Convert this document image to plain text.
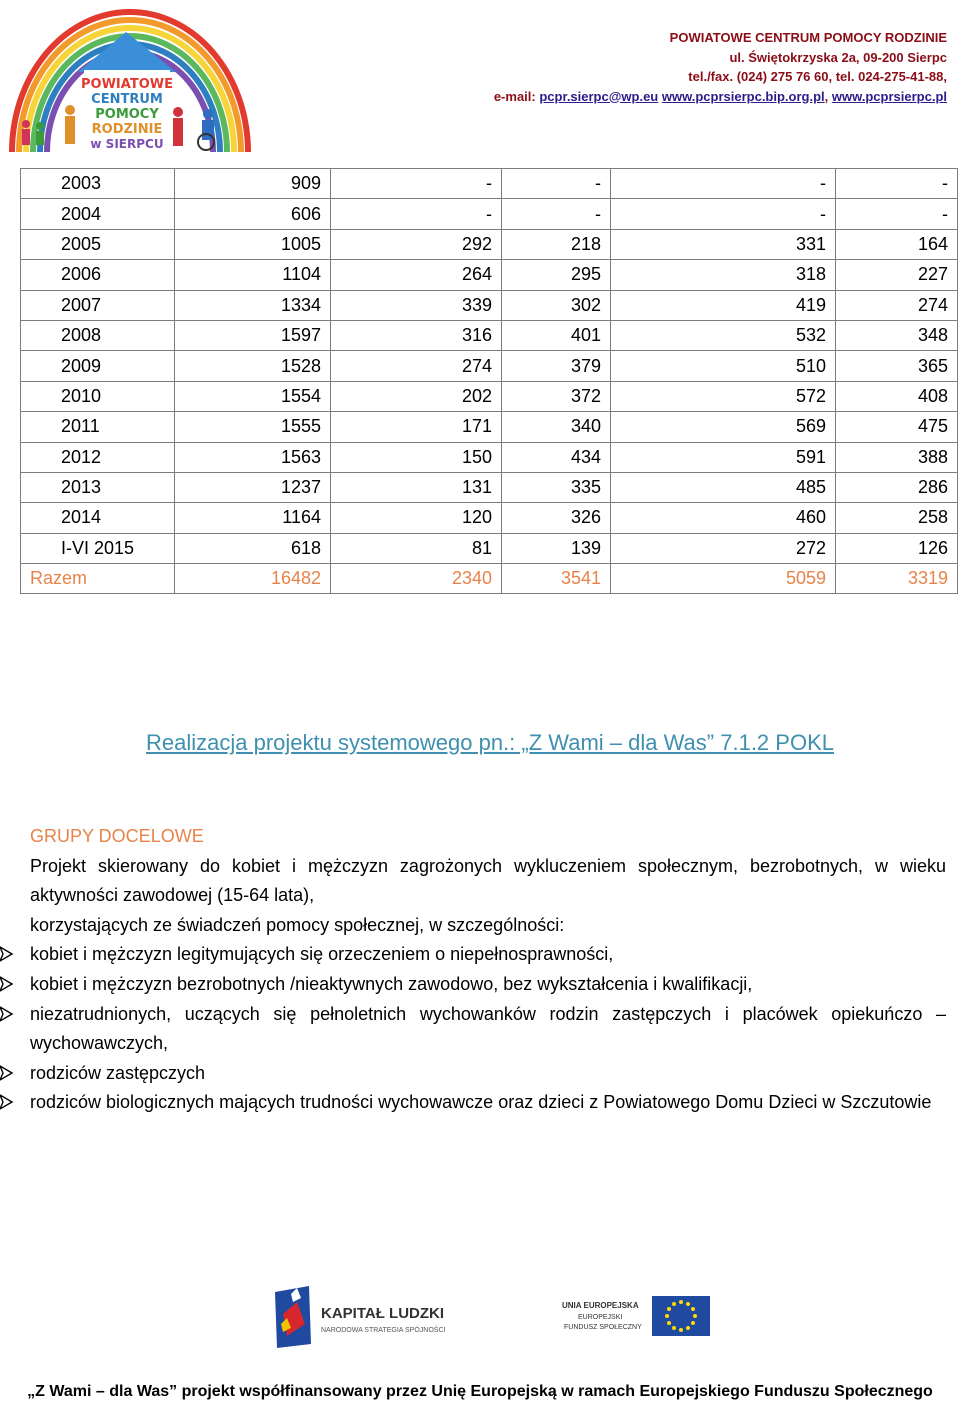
POWIATOWE
CENTRUM
POMOCY
RODZINIE
w SIERPCU
POWIATOWE CENTRUM POMOCY RODZINIE
ul. Świętokrzyska 2a, 09-200 Sierpc
tel./fax. (024) 275 76 60, tel. 024-275-41-88,
e-mail: pcpr.sierpc@wp.eu www.pcprsierpc.bip.org.pl, www.pcprsierpc.pl
2003	909	-	-	-	-
2004	606	-	-	-	-
2005	1005	292	218	331	164
2006	1104	264	295	318	227
2007	1334	339	302	419	274
2008	1597	316	401	532	348
2009	1528	274	379	510	365
2010	1554	202	372	572	408
2011	1555	171	340	569	475
2012	1563	150	434	591	388
2013	1237	131	335	485	286
2014	1164	120	326	460	258
I-VI 2015	618	81	139	272	126
Razem	16482	2340	3541	5059	3319
Realizacja projektu systemowego pn.: „Z Wami – dla Was” 7.1.2 POKL
GRUPY DOCELOWE

Projekt skierowany do kobiet i mężczyzn zagrożonych wykluczeniem społecznym, bezrobotnych, w wieku aktywności zawodowej (15-64 lata),

korzystających ze świadczeń pomocy społecznej, w szczególności:

kobiet i mężczyzn legitymujących się orzeczeniem o niepełnosprawności,
kobiet i mężczyzn bezrobotnych /nieaktywnych zawodowo, bez wykształcenia i kwalifikacji,
niezatrudnionych, uczących się pełnoletnich wychowanków rodzin zastępczych i placówek opiekuńczo – wychowawczych,
rodziców zastępczych
rodziców biologicznych mających trudności wychowawcze oraz dzieci z Powiatowego Domu Dzieci w Szczutowie
KAPITAŁ LUDZKI
NARODOWA STRATEGIA SPÓJNOŚCI
UNIA EUROPEJSKA
EUROPEJSKI
FUNDUSZ SPOŁECZNY
„Z Wami – dla Was” projekt współfinansowany przez Unię Europejską w ramach Europejskiego Funduszu Społecznego
